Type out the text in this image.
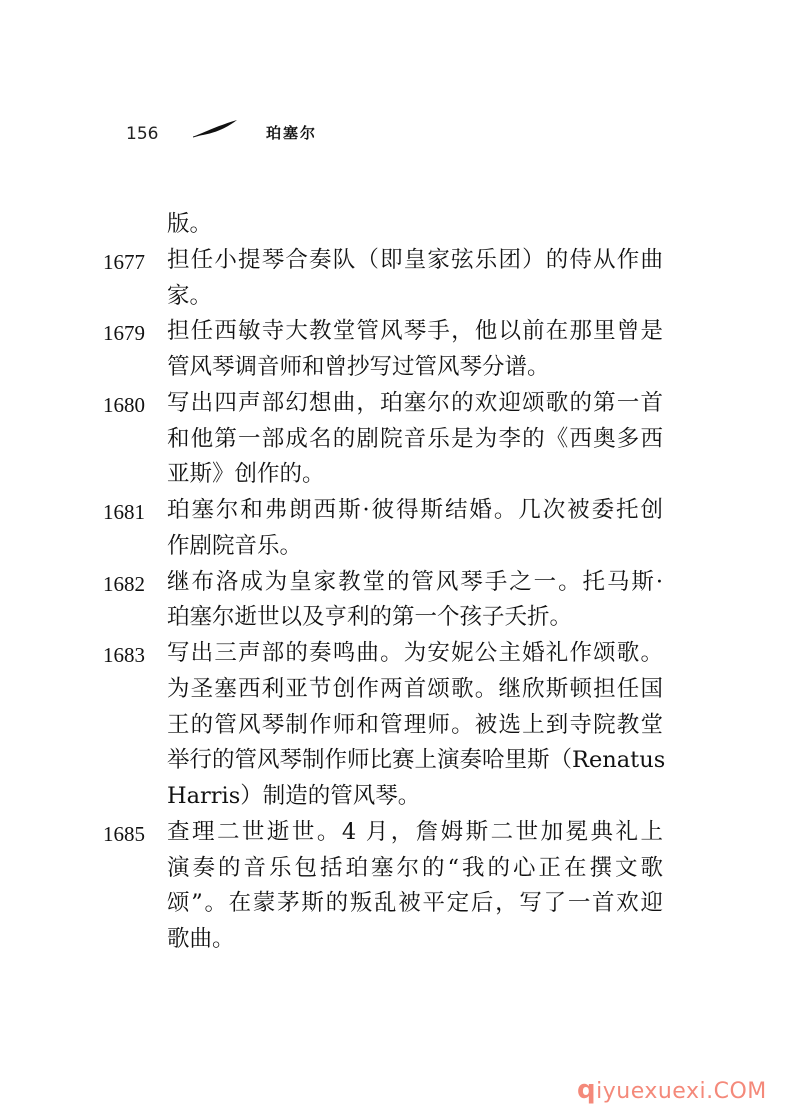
156	珀塞尔
版。
1677 担任小提琴合奏队（即皇家弦乐团）的侍从作曲
家。
1679 担任西敏寺大教堂管风琴手，他以前在那里曾是
管风琴调音师和曾抄写过管风琴分谱。
1680 写出四声部幻想曲，珀塞尔的欢迎颂歌的第一首
和他第一部成名的剧院音乐是为李的《西奥多西
亚斯》创作的。
1681 珀塞尔和弗朗西斯·彼得斯结婚。几次被委托创
作剧院音乐。
1682 继布洛成为皇家教堂的管风琴手之一。托马斯·
珀塞尔逝世以及亨利的第一个孩子夭折。
1683 写出三声部的奏鸣曲。为安妮公主婚礼作颂歌。
为圣塞西利亚节创作两首颂歌。继欣斯顿担任国
王的管风琴制作师和管理师。被选上到寺院教堂
举行的管风琴制作师比赛上演奏哈里斯（Renatus
Harris）制造的管风琴。
1685 查理二世逝世。4 月，詹姆斯二世加冕典礼上
演奏的音乐包括珀塞尔的“我的心正在撰文歌
颂”。在蒙茅斯的叛乱被平定后，写了一首欢迎
歌曲。
qiyuexuexi.COM
